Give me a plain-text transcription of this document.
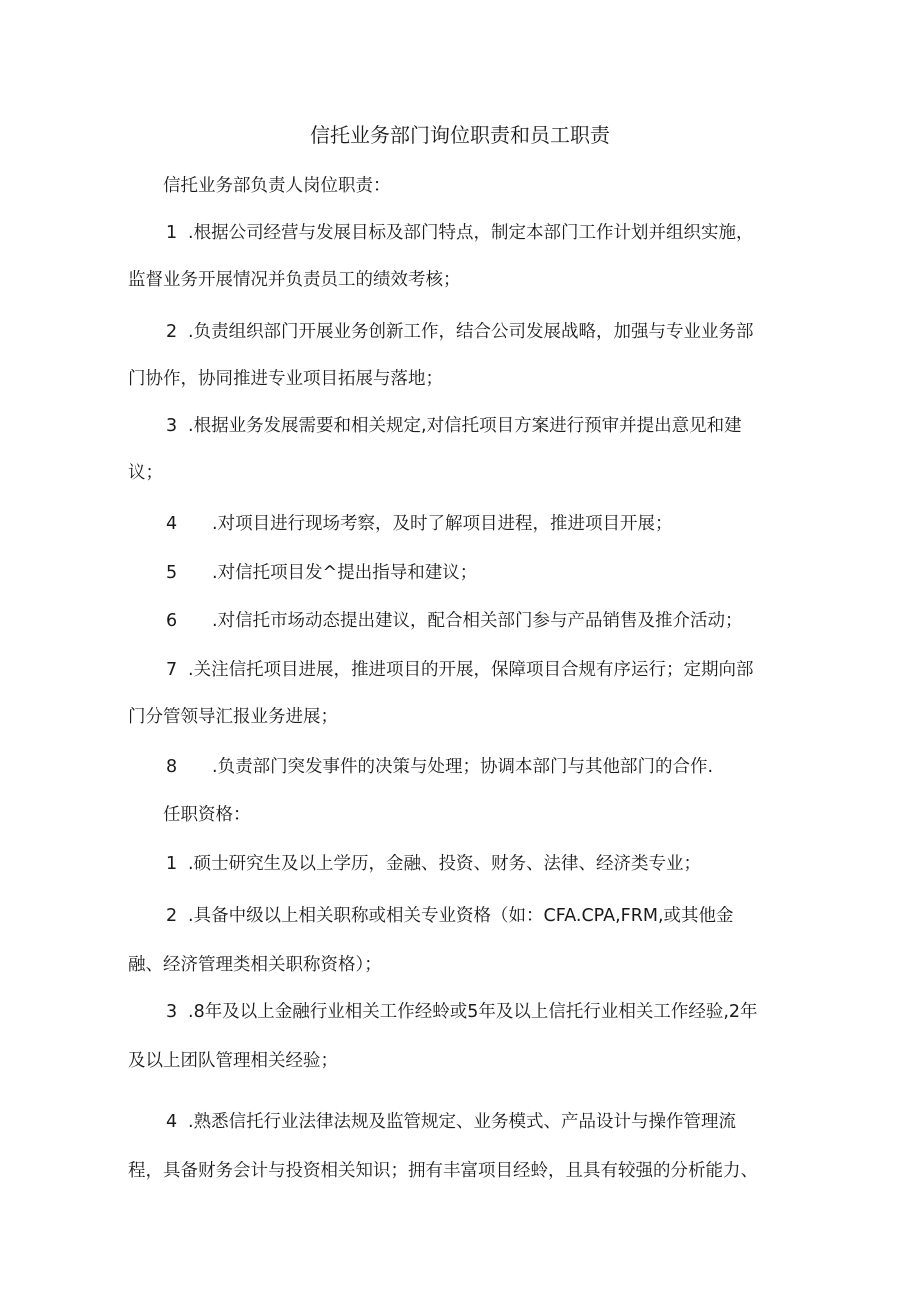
信托业务部门询位职责和员工职责
信托业务部负责人岗位职责：
1 .根据公司经营与发展目标及部门特点，制定本部门工作计划并组织实施，
监督业务开展情况并负责员工的绩效考核；
2 .负责组织部门开展业务创新工作，结合公司发展战略，加强与专业业务部
门协作，协同推进专业项目拓展与落地；
3 .根据业务发展需要和相关规定,对信托项目方案进行预审并提出意见和建
议；
4 .对项目进行现场考察，及时了解项目进程，推进项目开展；
5 .对信托项目发^提出指导和建议；
6 .对信托市场动态提出建议，配合相关部门参与产品销售及推介活动；
7 .关注信托项目进展，推进项目的开展，保障项目合规有序运行；定期向部
门分管领导汇报业务进展；
8 .负责部门突发事件的决策与处理；协调本部门与其他部门的合作.
任职资格：
1 .硕士研究生及以上学历，金融、投资、财务、法律、经济类专业；
2 .具备中级以上相关职称或相关专业资格（如：CFA.CPA,FRM,或其他金
融、经济管理类相关职称资格）；
3 .8年及以上金融行业相关工作经蛉或5年及以上信托行业相关工作经验,2年
及以上团队管理相关经验；
4 .熟悉信托行业法律法规及监管规定、业务模式、产品设计与操作管理流
程，具备财务会计与投资相关知识；拥有丰富项目经蛉，且具有较强的分析能力、
